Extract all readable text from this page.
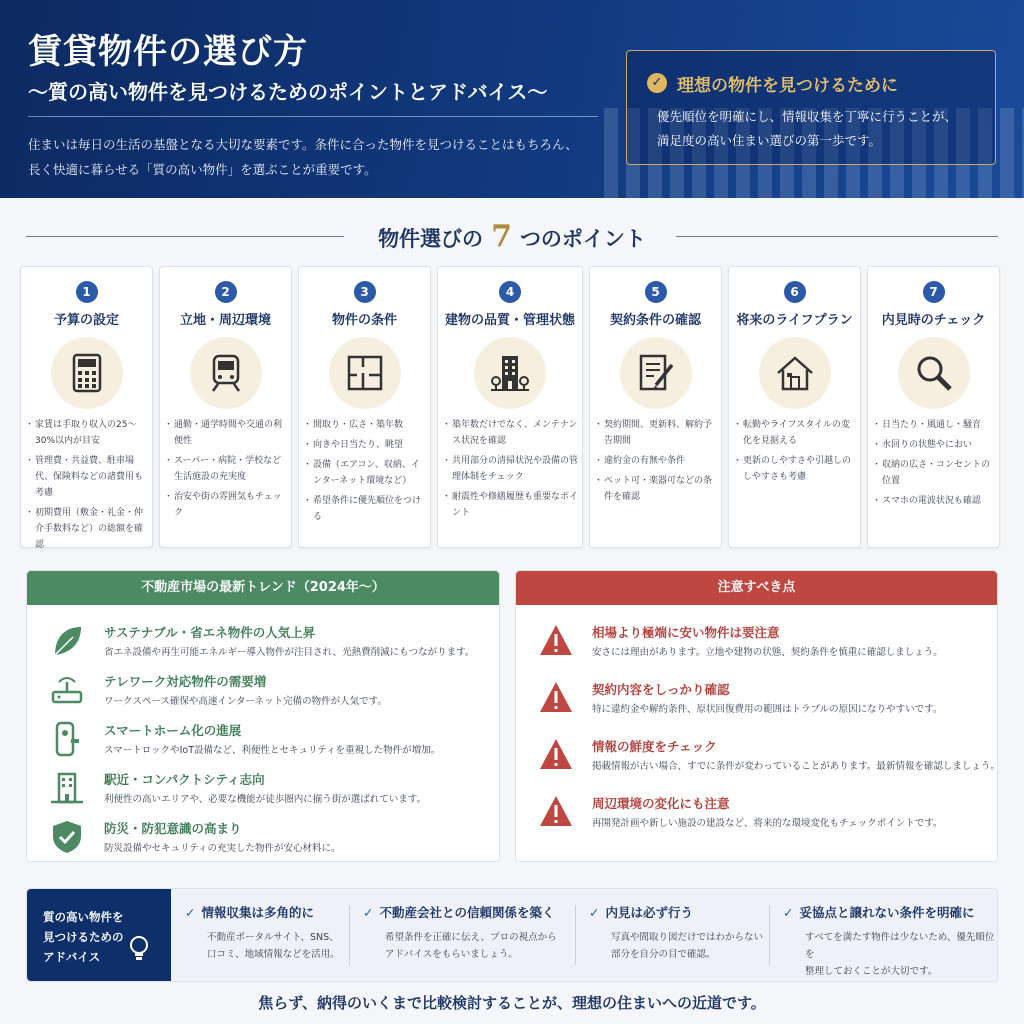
賃貸物件の選び方
〜質の高い物件を見つけるためのポイントとアドバイス〜
住まいは毎日の生活の基盤となる大切な要素です。条件に合った物件を見つけることはもちろん、
長く快適に暮らせる「質の高い物件」を選ぶことが重要です。
✓ 理想の物件を見つけるために
優先順位を明確にし、情報収集を丁寧に行うことが、
満足度の高い住まい選びの第一歩です。
物件選びの 7 つのポイント
1
予算の設定
・ 家賃は手取り収入の25〜30%以内が目安
・ 管理費・共益費、駐車場代、保険料などの諸費用も考慮
・ 初期費用（敷金・礼金・仲介手数料など）の総額を確認
2
立地・周辺環境
・ 通勤・通学時間や交通の利便性
・ スーパー・病院・学校など生活施設の充実度
・ 治安や街の雰囲気もチェック
3
物件の条件
・ 間取り・広さ・築年数
・ 向きや日当たり、眺望
・ 設備（エアコン、収納、インターネット環境など）
・ 希望条件に優先順位をつける
4
建物の品質・管理状態
・ 築年数だけでなく、メンテナンス状況を確認
・ 共用部分の清掃状況や設備の管理体制をチェック
・ 耐震性や修繕履歴も重要なポイント
5
契約条件の確認
・ 契約期間、更新料、解約予告期間
・ 違約金の有無や条件
・ ペット可・楽器可などの条件を確認
6
将来のライフプラン
・ 転勤やライフスタイルの変化を見据える
・ 更新のしやすさや引越しのしやすさも考慮
7
内見時のチェック
・ 日当たり・風通し・騒音
・ 水回りの状態やにおい
・ 収納の広さ・コンセントの位置
・ スマホの電波状況も確認
不動産市場の最新トレンド（2024年〜）
サステナブル・省エネ物件の人気上昇
省エネ設備や再生可能エネルギー導入物件が注目され、光熱費削減にもつながります。
テレワーク対応物件の需要増
ワークスペース確保や高速インターネット完備の物件が人気です。
スマートホーム化の進展
スマートロックやIoT設備など、利便性とセキュリティを重視した物件が増加。
駅近・コンパクトシティ志向
利便性の高いエリアや、必要な機能が徒歩圏内に揃う街が選ばれています。
防災・防犯意識の高まり
防災設備やセキュリティの充実した物件が安心材料に。
注意すべき点
相場より極端に安い物件は要注意
安さには理由があります。立地や建物の状態、契約条件を慎重に確認しましょう。
契約内容をしっかり確認
特に違約金や解約条件、原状回復費用の範囲はトラブルの原因になりやすいです。
情報の鮮度をチェック
掲載情報が古い場合、すでに条件が変わっていることがあります。最新情報を確認しましょう。
周辺環境の変化にも注意
再開発計画や新しい施設の建設など、将来的な環境変化もチェックポイントです。
質の高い物件を
見つけるための
アドバイス
✓ 情報収集は多角的に
不動産ポータルサイト、SNS、
口コミ、地域情報などを活用。
✓ 不動産会社との信頼関係を築く
希望条件を正確に伝え、プロの視点から
アドバイスをもらいましょう。
✓ 内見は必ず行う
写真や間取り図だけではわからない
部分を自分の目で確認。
✓ 妥協点と譲れない条件を明確に
すべてを満たす物件は少ないため、優先順位を
整理しておくことが大切です。
焦らず、納得のいくまで比較検討することが、理想の住まいへの近道です。
